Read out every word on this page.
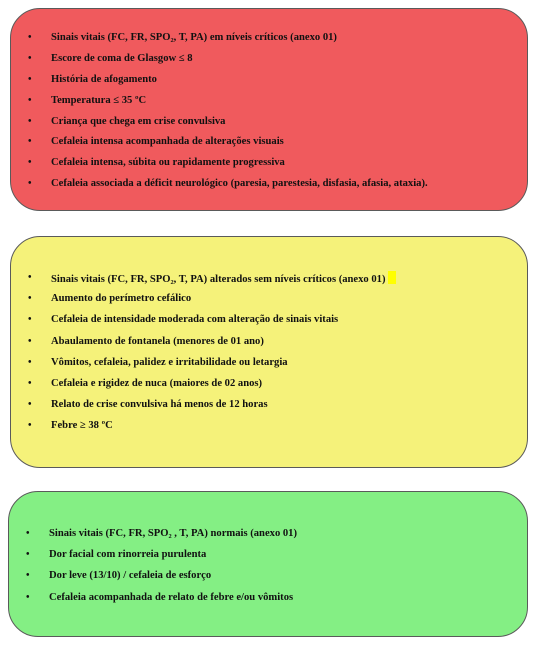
• Sinais vitais (FC, FR, SPO₂, T, PA) em níveis críticos (anexo 01)
• Escore de coma de Glasgow ≤ 8
• História de afogamento
• Temperatura ≤ 35 ºC
• Criança que chega em crise convulsiva
• Cefaleia intensa acompanhada de alterações visuais
• Cefaleia intensa, súbita ou rapidamente progressiva
• Cefaleia associada a déficit neurológico (paresia, parestesia, disfasia, afasia, ataxia).
• Sinais vitais (FC, FR, SPO₂, T, PA) alterados sem níveis críticos (anexo 01)
• Aumento do perímetro cefálico
• Cefaleia de intensidade moderada com alteração de sinais vitais
• Abaulamento de fontanela (menores de 01 ano)
• Vômitos, cefaleia, palidez e irritabilidade ou letargia
• Cefaleia e rigidez de nuca (maiores de 02 anos)
• Relato de crise convulsiva há menos de 12 horas
• Febre ≥ 38 ºC
• Sinais vitais (FC, FR, SPO₂ , T, PA) normais (anexo 01)
• Dor facial com rinorreia purulenta
• Dor leve (13/10) / cefaleia de esforço
• Cefaleia acompanhada de relato de febre e/ou vômitos
